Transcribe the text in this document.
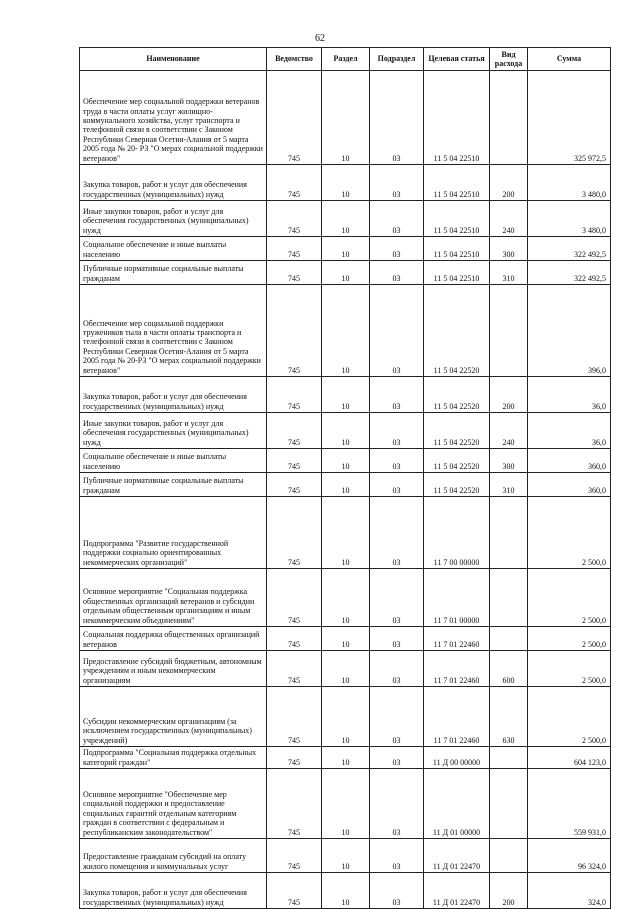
62
Наименование	Ведомство	Раздел	Подраздел	Целевая статья	Вид расхода	Сумма
Обеспечение мер социальной поддержки ветеранов труда в части оплаты услуг жилищно-коммунального хозяйства, услуг транспорта и телефонной связи в соответствии с Законом Республики Северная Осетия-Алания от 5 марта 2005 года № 20- РЗ "О мерах социальной поддержки ветеранов"	745	10	03	11 5 04 22510		325 972,5
Закупка товаров, работ и услуг для обеспечения государственных (муниципальных) нужд	745	10	03	11 5 04 22510	200	3 480,0
Иные закупки товаров, работ и услуг для обеспечения государственных (муниципальных) нужд	745	10	03	11 5 04 22510	240	3 480,0
Социальное обеспечение и иные выплаты населению	745	10	03	11 5 04 22510	300	322 492,5
Публичные нормативные социальные выплаты гражданам	745	10	03	11 5 04 22510	310	322 492,5
Обеспечение мер социальной поддержки тружеников тыла в части оплаты транспорта и телефонной связи в соответствии с Законом Республики Северная Осетия-Алания от 5 марта 2005 года № 20-РЗ "О мерах социальной поддержки ветеранов"	745	10	03	11 5 04 22520		396,0
Закупка товаров, работ и услуг для обеспечения государственных (муниципальных) нужд	745	10	03	11 5 04 22520	200	36,0
Иные закупки товаров, работ и услуг для обеспечения государственных (муниципальных) нужд	745	10	03	11 5 04 22520	240	36,0
Социальное обеспечение и иные выплаты населению	745	10	03	11 5 04 22520	300	360,0
Публичные нормативные социальные выплаты гражданам	745	10	03	11 5 04 22520	310	360,0
Подпрограмма "Развитие государственной поддержки социально ориентированных некоммерческих организаций"	745	10	03	11 7 00 00000		2 500,0
Основное мероприятие "Социальная поддержка общественных организаций ветеранов и субсидии отдельным общественным организациям и иным некоммерческим объединениям"	745	10	03	11 7 01 00000		2 500,0
Социальная поддержка общественных организаций ветеранов	745	10	03	11 7 01 22460		2 500,0
Предоставление субсидий бюджетным, автономным учреждениям и иным некоммерческим организациям	745	10	03	11 7 01 22460	600	2 500,0
Субсидии некоммерческим организациям (за исключением государственных (муниципальных) учреждений)	745	10	03	11 7 01 22460	630	2 500,0
Подпрограмма "Социальная поддержка отдельных категорий граждан"	745	10	03	11 Д 00 00000		604 123,0
Основное мероприятие "Обеспечение мер социальной поддержки и предоставление социальных гарантий отдельным категориям граждан в соответствии с федеральным и республиканским законодательством"	745	10	03	11 Д 01 00000		559 931,0
Предоставление гражданам субсидий на оплату жилого помещения и коммунальных услуг	745	10	03	11 Д 01 22470		96 324,0
Закупка товаров, работ и услуг для обеспечения государственных (муниципальных) нужд	745	10	03	11 Д 01 22470	200	324,0
